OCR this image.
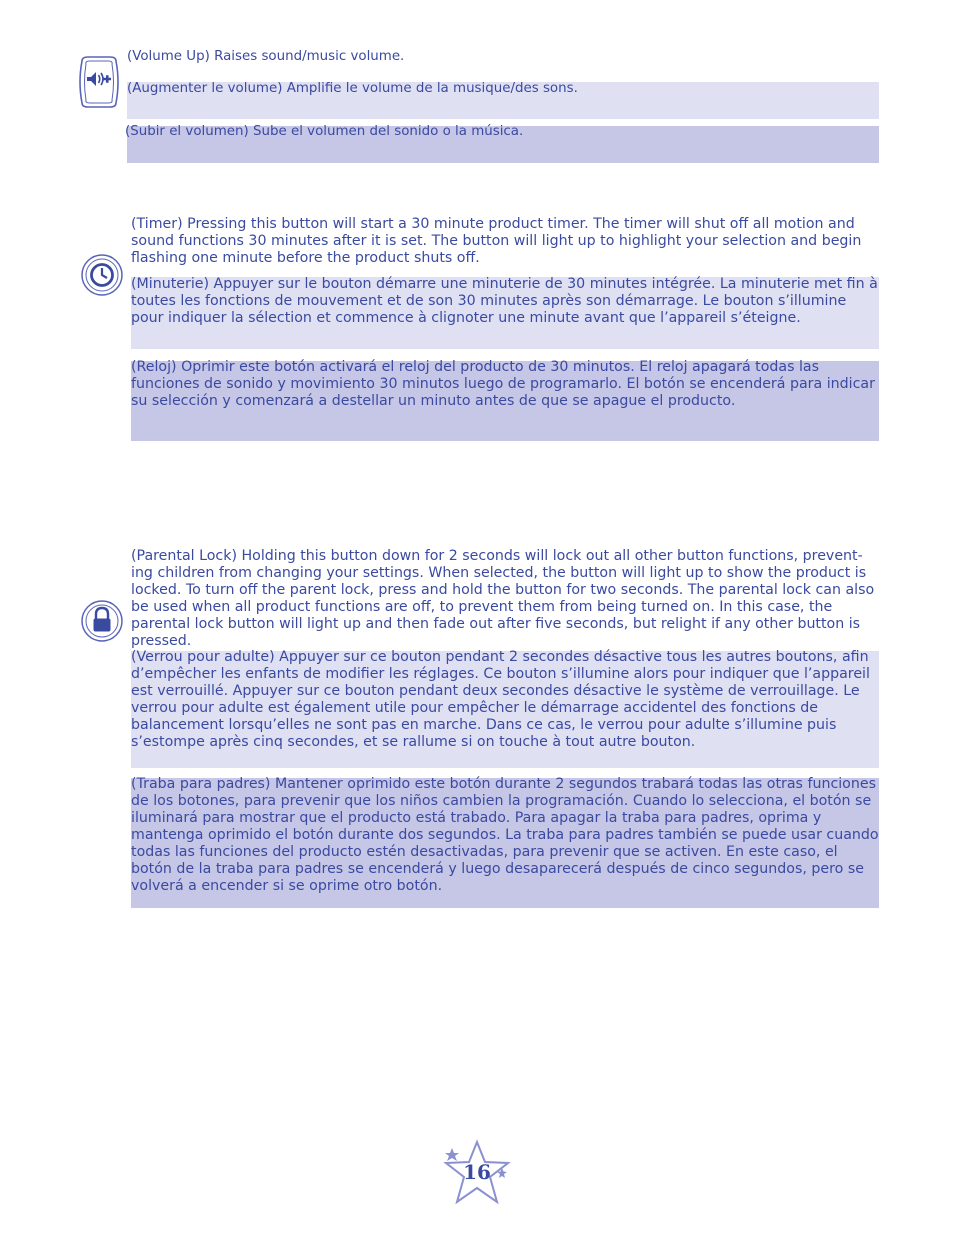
(Volume Up) Raises sound/music volume.

(Augmenter le volume) Amplifie le volume de la musique/des sons.

(Subir el volumen) Sube el volumen del sonido o la música.

(Timer) Pressing this button will start a 30 minute product timer. The timer will shut off all motion and sound functions 30 minutes after it is set. The button will light up to highlight your selection and begin flashing one minute before the product shuts off.

(Minuterie) Appuyer sur le bouton démarre une minuterie de 30 minutes intégrée. La minuterie met fin à toutes les fonctions de mouvement et de son 30 minutes après son démarrage. Le bouton s’illumine pour indiquer la sélection et commence à clignoter une minute avant que l’appareil s’éteigne.

(Reloj) Oprimir este botón activará el reloj del producto de 30 minutos. El reloj apagará todas las funciones de sonido y movimiento 30 minutos luego de programarlo. El botón se encenderá para indicar su selección y comenzará a destellar un minuto antes de que se apague el producto.

(Parental Lock) Holding this button down for 2 seconds will lock out all other button functions, prevent-ing children from changing your settings. When selected, the button will light up to show the product is locked. To turn off the parent lock, press and hold the button for two seconds. The parental lock can also be used when all product functions are off, to prevent them from being turned on. In this case, the parental lock button will light up and then fade out after five seconds, but relight if any other button is pressed.

(Verrou pour adulte) Appuyer sur ce bouton pendant 2 secondes désactive tous les autres boutons, afin d’empêcher les enfants de modifier les réglages. Ce bouton s’illumine alors pour indiquer que l’appareil est verrouillé. Appuyer sur ce bouton pendant deux secondes désactive le système de verrouillage. Le verrou pour adulte est également utile pour empêcher le démarrage accidentel des fonctions de balancement lorsqu’elles ne sont pas en marche. Dans ce cas, le verrou pour adulte s’illumine puis s’estompe après cinq secondes, et se rallume si on touche à tout autre bouton.

(Traba para padres) Mantener oprimido este botón durante 2 segundos trabará todas las otras funciones de los botones, para prevenir que los niños cambien la programación. Cuando lo selecciona, el botón se iluminará para mostrar que el producto está trabado. Para apagar la traba para padres, oprima y mantenga oprimido el botón durante dos segundos. La traba para padres también se puede usar cuando todas las funciones del producto estén desactivadas, para prevenir que se activen. En este caso, el botón de la traba para padres se encenderá y luego desaparecerá después de cinco segundos, pero se volverá a encender si se oprime otro botón.

16
